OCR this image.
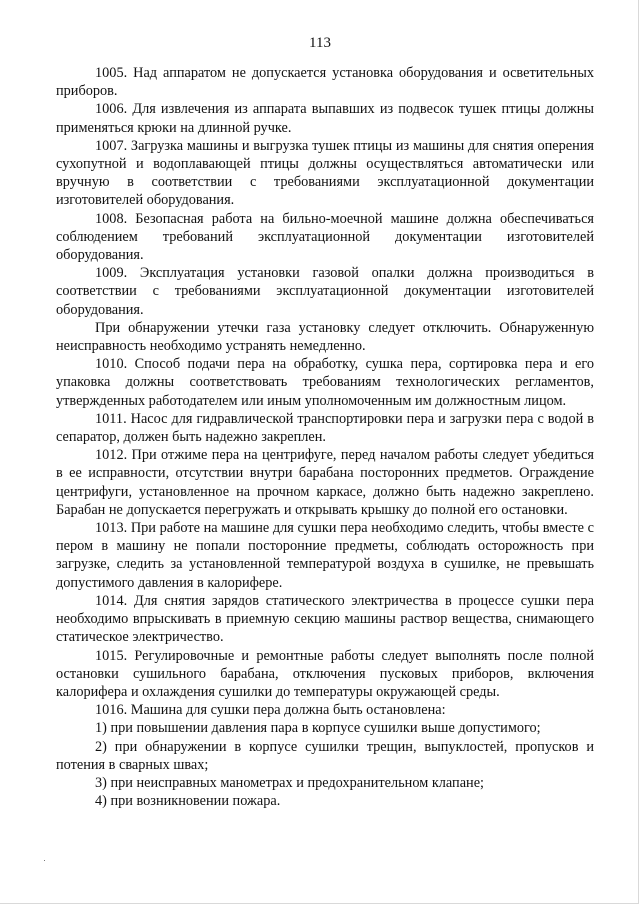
113

1005. Над аппаратом не допускается установка оборудования и осветительных приборов.

1006. Для извлечения из аппарата выпавших из подвесок тушек птицы должны применяться крюки на длинной ручке.

1007. Загрузка машины и выгрузка тушек птицы из машины для снятия оперения сухопутной и водоплавающей птицы должны осуществляться автоматически или вручную в соответствии с требованиями эксплуатационной документации изготовителей оборудования.

1008. Безопасная работа на бильно-моечной машине должна обеспечиваться соблюдением требований эксплуатационной документации изготовителей оборудования.

1009. Эксплуатация установки газовой опалки должна производиться в соответствии с требованиями эксплуатационной документации изготовителей оборудования.

При обнаружении утечки газа установку следует отключить. Обнаруженную неисправность необходимо устранять немедленно.

1010. Способ подачи пера на обработку, сушка пера, сортировка пера и его упаковка должны соответствовать требованиям технологических регламентов, утвержденных работодателем или иным уполномоченным им должностным лицом.

1011. Насос для гидравлической транспортировки пера и загрузки пера с водой в сепаратор, должен быть надежно закреплен.

1012. При отжиме пера на центрифуге, перед началом работы следует убедиться в ее исправности, отсутствии внутри барабана посторонних предметов. Ограждение центрифуги, установленное на прочном каркасе, должно быть надежно закреплено. Барабан не допускается перегружать и открывать крышку до полной его остановки.

1013. При работе на машине для сушки пера необходимо следить, чтобы вместе с пером в машину не попали посторонние предметы, соблюдать осторожность при загрузке, следить за установленной температурой воздуха в сушилке, не превышать допустимого давления в калорифере.

1014. Для снятия зарядов статического электричества в процессе сушки пера необходимо впрыскивать в приемную секцию машины раствор вещества, снимающего статическое электричество.

1015. Регулировочные и ремонтные работы следует выполнять после полной остановки сушильного барабана, отключения пусковых приборов, включения калорифера и охлаждения сушилки до температуры окружающей среды.

1016. Машина для сушки пера должна быть остановлена:

1) при повышении давления пара в корпусе сушилки выше допустимого;

2) при обнаружении в корпусе сушилки трещин, выпуклостей, пропусков и потения в сварных швах;

3) при неисправных манометрах и предохранительном клапане;

4) при возникновении пожара.
